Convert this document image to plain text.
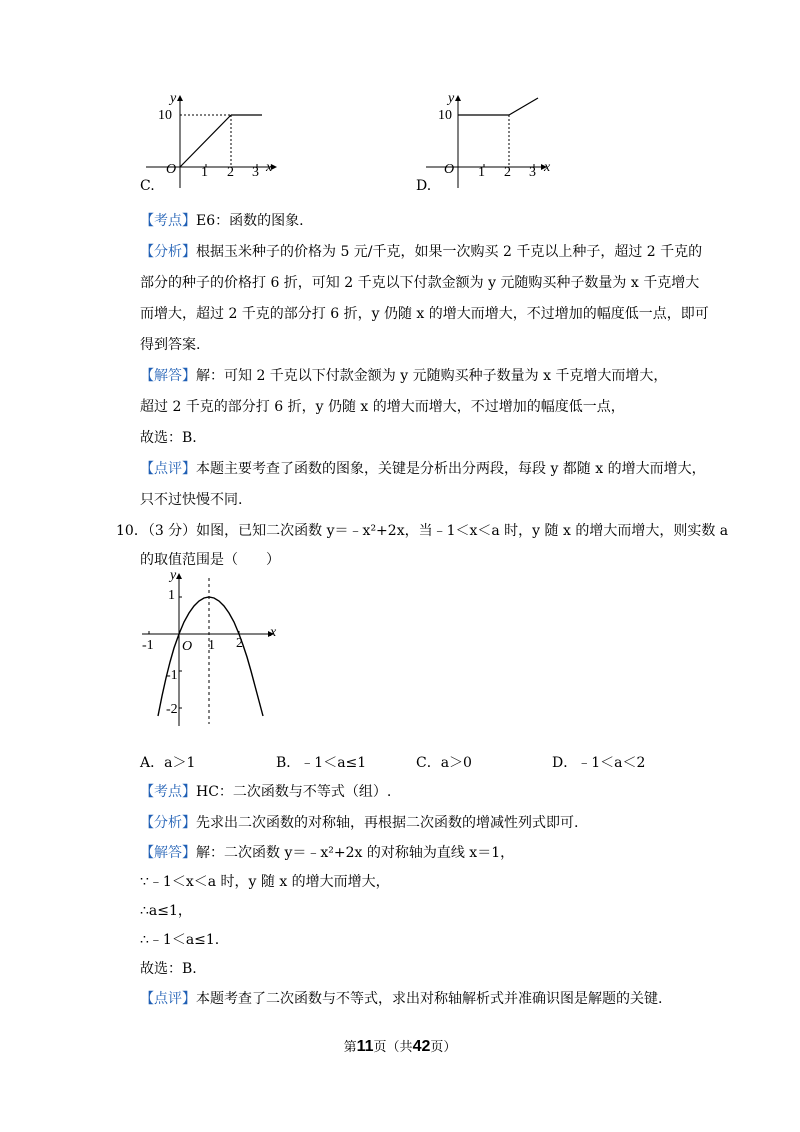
y
10
O 1 2 3 x
C.
y
10
O 1 2 3 x
D.
【考点】E6：函数的图象.
【分析】根据玉米种子的价格为 5 元/千克，如果一次购买 2 千克以上种子，超过 2 千克的
部分的种子的价格打 6 折，可知 2 千克以下付款金额为 y 元随购买种子数量为 x 千克增大
而增大，超过 2 千克的部分打 6 折，y 仍随 x 的增大而增大，不过增加的幅度低一点，即可
得到答案.
【解答】解：可知 2 千克以下付款金额为 y 元随购买种子数量为 x 千克增大而增大，
超过 2 千克的部分打 6 折，y 仍随 x 的增大而增大，不过增加的幅度低一点，
故选：B.
【点评】本题主要考查了函数的图象，关键是分析出分两段，每段 y 都随 x 的增大而增大，
只不过快慢不同.
10．（3 分）如图，已知二次函数 y＝﹣x²+2x，当﹣1＜x＜a 时，y 随 x 的增大而增大，则实数 a
的取值范围是（　　）
y
x
1
-1 O 1 2
-1
-2
A．a＞1	B．﹣1＜a≤1	C．a＞0	D．﹣1＜a＜2
【考点】HC：二次函数与不等式（组）.
【分析】先求出二次函数的对称轴，再根据二次函数的增减性列式即可.
【解答】解：二次函数 y＝﹣x²+2x 的对称轴为直线 x＝1，
∵﹣1＜x＜a 时，y 随 x 的增大而增大，
∴a≤1，
∴﹣1＜a≤1.
故选：B.
【点评】本题考查了二次函数与不等式，求出对称轴解析式并准确识图是解题的关键.
第11页（共42页）
